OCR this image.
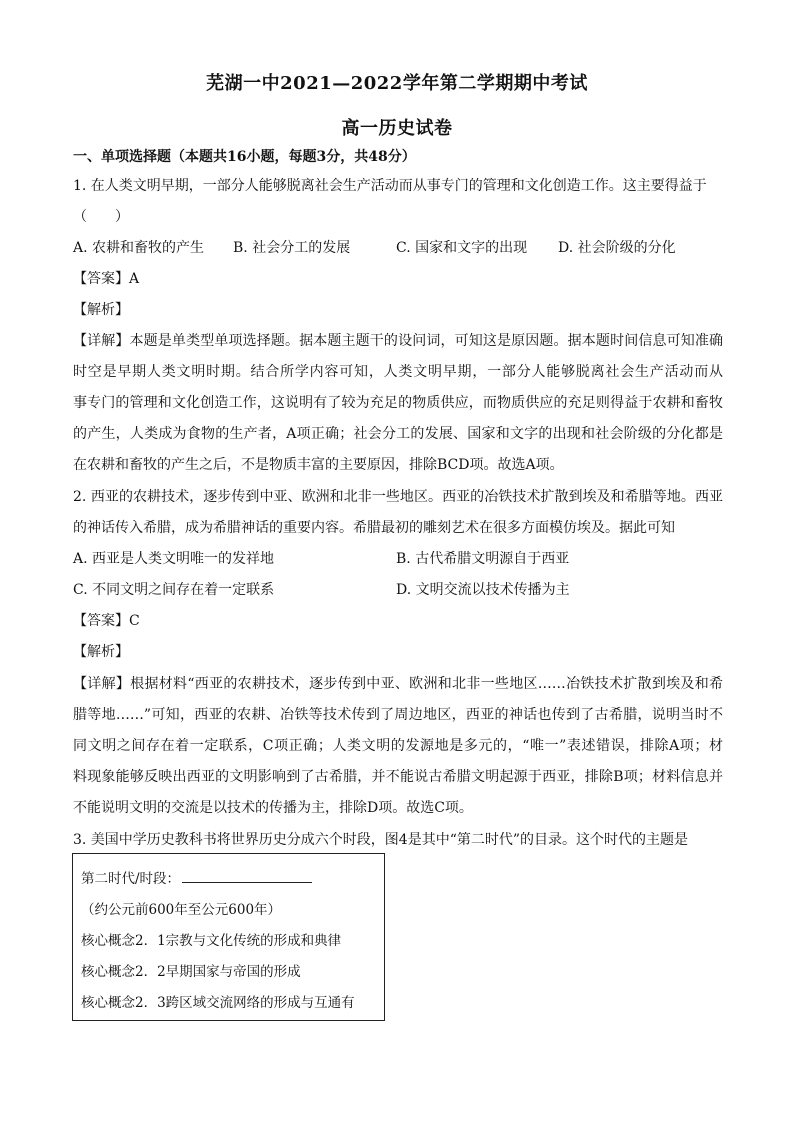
芜湖一中2021—2022学年第二学期期中考试
高一历史试卷
一、单项选择题（本题共16小题，每题3分，共48分）
1. 在人类文明早期，一部分人能够脱离社会生产活动而从事专门的管理和文化创造工作。这主要得益于
（　　）
A. 农耕和畜牧的产生 B. 社会分工的发展	C. 国家和文字的出现 D. 社会阶级的分化
【答案】A
【解析】
【详解】本题是单类型单项选择题。据本题主题干的设问词，可知这是原因题。据本题时间信息可知准确
时空是早期人类文明时期。结合所学内容可知，人类文明早期，一部分人能够脱离社会生产活动而从
事专门的管理和文化创造工作，这说明有了较为充足的物质供应，而物质供应的充足则得益于农耕和畜牧
的产生，人类成为食物的生产者，A项正确；社会分工的发展、国家和文字的出现和社会阶级的分化都是
在农耕和畜牧的产生之后，不是物质丰富的主要原因，排除BCD项。故选A项。
2. 西亚的农耕技术，逐步传到中亚、欧洲和北非一些地区。西亚的冶铁技术扩散到埃及和希腊等地。西亚
的神话传入希腊，成为希腊神话的重要内容。希腊最初的雕刻艺术在很多方面模仿埃及。据此可知
A. 西亚是人类文明唯一的发祥地	B. 古代希腊文明源自于西亚
C. 不同文明之间存在着一定联系	D. 文明交流以技术传播为主
【答案】C
【解析】
【详解】根据材料“西亚的农耕技术，逐步传到中亚、欧洲和北非一些地区……冶铁技术扩散到埃及和希
腊等地……”可知，西亚的农耕、冶铁等技术传到了周边地区，西亚的神话也传到了古希腊，说明当时不
同文明之间存在着一定联系，C项正确；人类文明的发源地是多元的，“唯一”表述错误，排除A项；材
料现象能够反映出西亚的文明影响到了古希腊，并不能说古希腊文明起源于西亚，排除B项；材料信息并
不能说明文明的交流是以技术的传播为主，排除D项。故选C项。
3. 美国中学历史教科书将世界历史分成六个时段，图4是其中“第二时代”的目录。这个时代的主题是
第二时代/时段：
（约公元前600年至公元600年）
核心概念2．1宗教与文化传统的形成和典律
核心概念2．2早期国家与帝国的形成
核心概念2．3跨区域交流网络的形成与互通有
